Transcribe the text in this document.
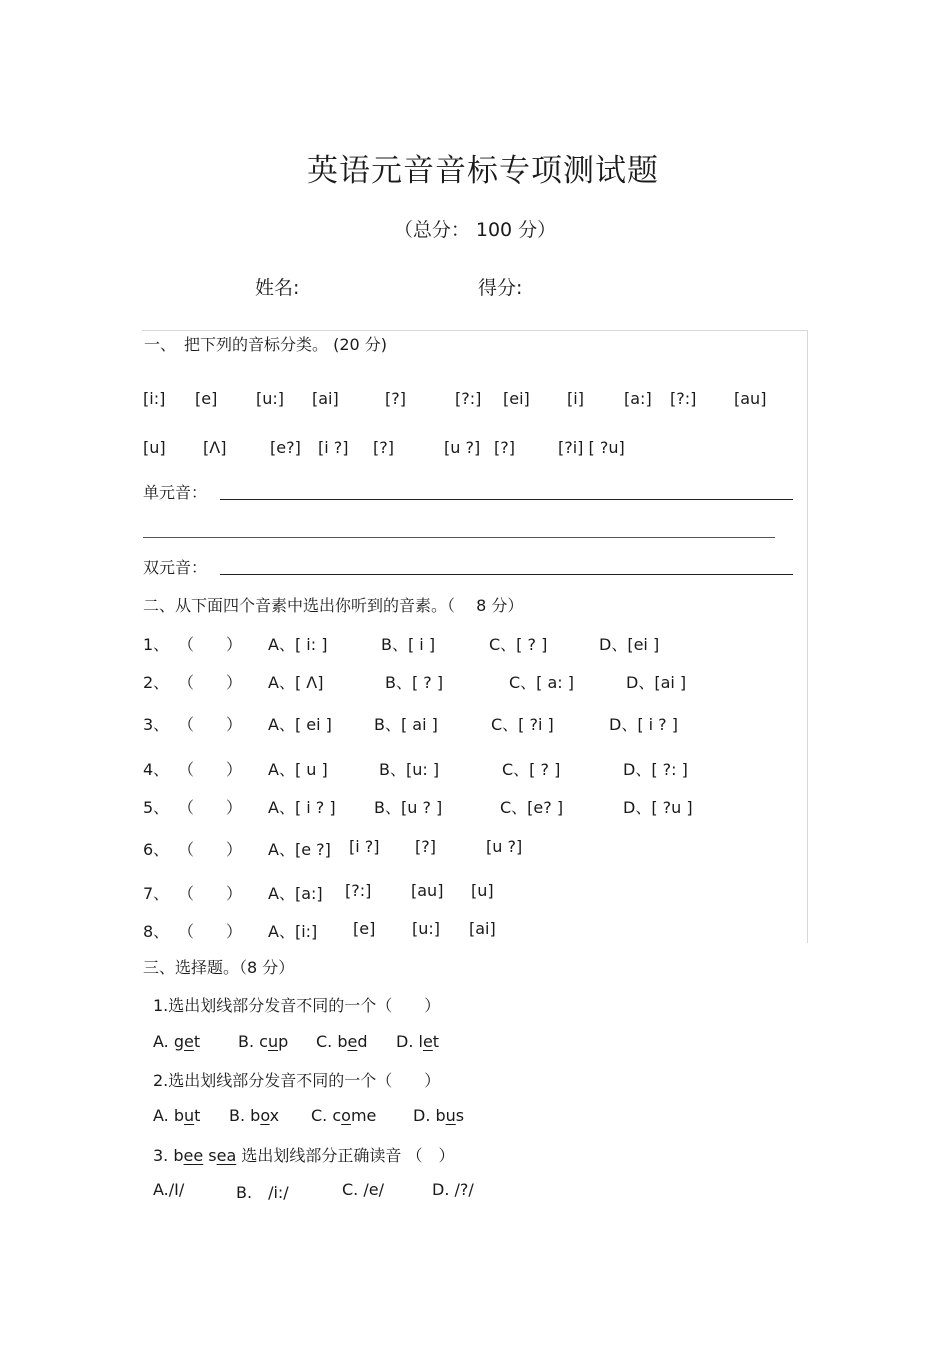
英语元音音标专项测试题
（总分： 100 分）
姓名:	得分:
一、　把下列的音标分类。 (20 分)
[i:] [e] [u:] [ai]	[?]	[?:] [ei] [i]	[a:] [?:] [au]
[u] [Λ]	[e?] [i ?] [?]	[u ?] [?]	[?i] [ ?u]
单元音：
双元音：
二、从下面四个音素中选出你听到的音素。（　 8 分）
1、 （　　） A、[ i: ]	B、[ i ]	C、[ ? ]	D、[ei ]
2、 （　　） A、[ Λ]	B、[ ? ]	C、[ a: ]	D、[ai ]
3、 （　　） A、[ ei ]	B、[ ai ]	C、[ ?i ]	D、[ i ? ]
4、 （　　） A、[ u ]	B、[u: ]	C、[ ? ]	D、[ ?: ]
5、 （　　） A、[ i ? ] B、[u ? ]	C、[e? ]	D、[ ?u ]
6、 （　　） A、[e ?] [i ?] [?]	[u ?]
7、 （　　） A、[a:] [?:] [au] [u]
8、 （　　） A、[i:] [e] [u:] [ai]
三、选择题。（8 分）
1.选出划线部分发音不同的一个（　　）
A. get B. cup C. bed D. let
2.选出划线部分发音不同的一个（　　）
A. but B. box C. come D. bus
3. bee sea 选出划线部分正确读音 （　）
A./I/	B.　/i:/	C. /e/	D. /?/
